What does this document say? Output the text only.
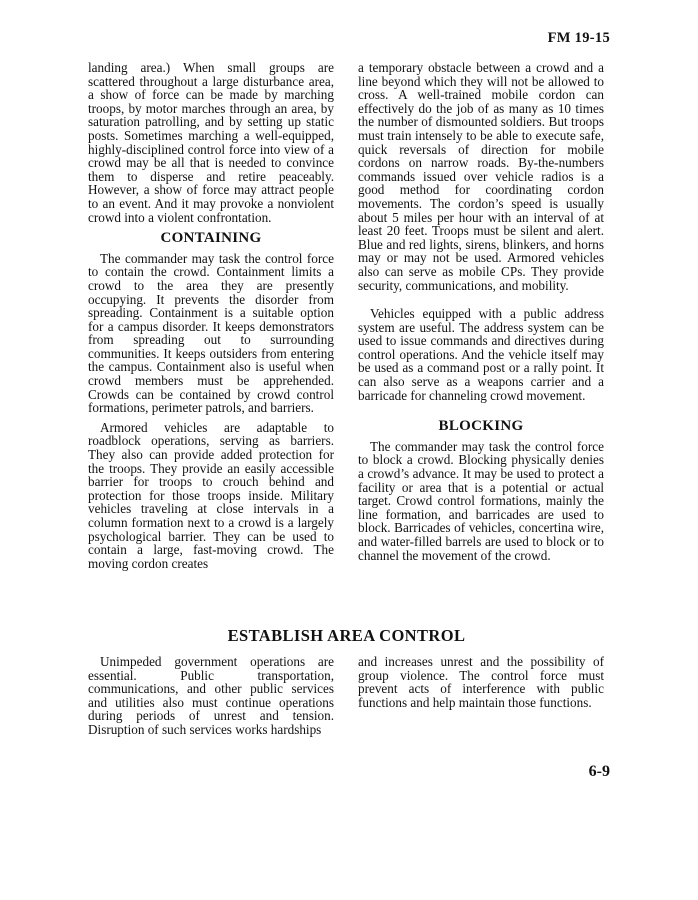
FM 19-15

landing area.) When small groups are scattered throughout a large disturbance area, a show of force can be made by marching troops, by motor marches through an area, by saturation patrolling, and by setting up static posts. Sometimes marching a well-equipped, highly-disciplined control force into view of a crowd may be all that is needed to convince them to disperse and retire peaceably. However, a show of force may attract people to an event. And it may provoke a nonviolent crowd into a violent confrontation.

CONTAINING

The commander may task the control force to contain the crowd. Containment limits a crowd to the area they are presently occupying. It prevents the disorder from spreading. Containment is a suitable option for a campus disorder. It keeps demonstrators from spreading out to surrounding communities. It keeps outsiders from entering the campus. Containment also is useful when crowd members must be apprehended. Crowds can be contained by crowd control formations, perimeter patrols, and barriers.

Armored vehicles are adaptable to roadblock operations, serving as barriers. They also can provide added protection for the troops. They provide an easily accessible barrier for troops to crouch behind and protection for those troops inside. Military vehicles traveling at close intervals in a column formation next to a crowd is a largely psychological barrier. They can be used to contain a large, fast-moving crowd. The moving cordon creates

a temporary obstacle between a crowd and a line beyond which they will not be allowed to cross. A well-trained mobile cordon can effectively do the job of as many as 10 times the number of dismounted soldiers. But troops must train intensely to be able to execute safe, quick reversals of direction for mobile cordons on narrow roads. By-the-numbers commands issued over vehicle radios is a good method for coordinating cordon movements. The cordon’s speed is usually about 5 miles per hour with an interval of at least 20 feet. Troops must be silent and alert. Blue and red lights, sirens, blinkers, and horns may or may not be used. Armored vehicles also can serve as mobile CPs. They provide security, communications, and mobility.

Vehicles equipped with a public address system are useful. The address system can be used to issue commands and directives during control operations. And the vehicle itself may be used as a command post or a rally point. It can also serve as a weapons carrier and a barricade for channeling crowd movement.

BLOCKING

The commander may task the control force to block a crowd. Blocking physically denies a crowd’s advance. It may be used to protect a facility or area that is a potential or actual target. Crowd control formations, mainly the line formation, and barricades are used to block. Barricades of vehicles, concertina wire, and water-filled barrels are used to block or to channel the movement of the crowd.

ESTABLISH AREA CONTROL

Unimpeded government operations are essential. Public transportation, communications, and other public services and utilities also must continue operations during periods of unrest and tension. Disruption of such services works hardships

and increases unrest and the possibility of group violence. The control force must prevent acts of interference with public functions and help maintain those functions.

6-9
